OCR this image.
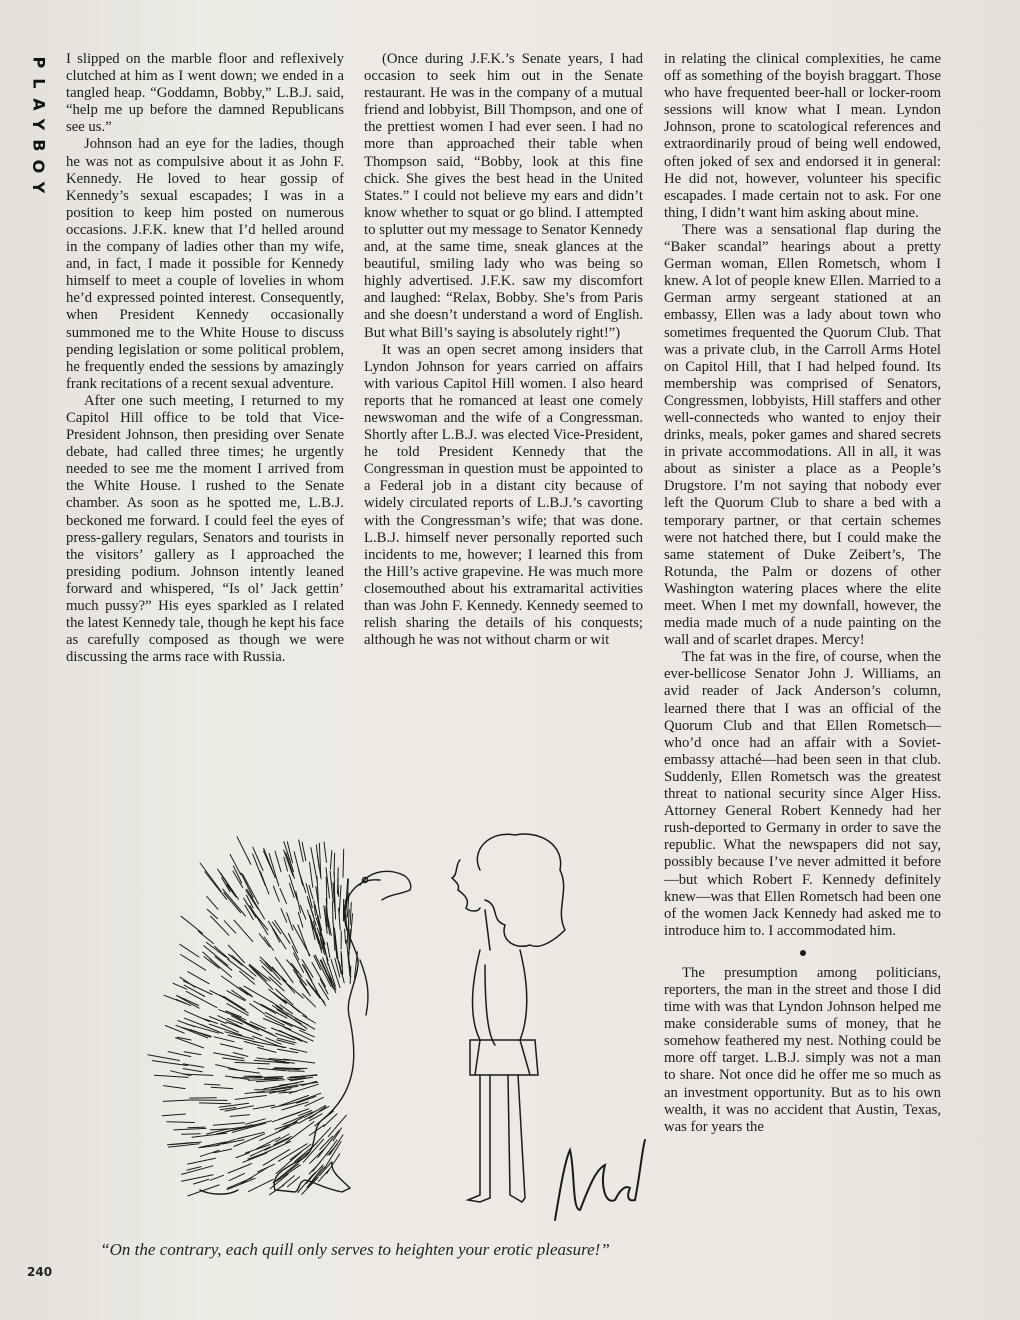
P
L
A
Y
B
O
Y

I slipped on the marble floor and reflexively clutched at him as I went down; we ended in a tangled heap. “Goddamn, Bobby,” L.B.J. said, “help me up before the damned Republicans see us.”

Johnson had an eye for the ladies, though he was not as compulsive about it as John F. Kennedy. He loved to hear gossip of Kennedy’s sexual escapades; I was in a position to keep him posted on numerous occasions. J.F.K. knew that I’d helled around in the company of ladies other than my wife, and, in fact, I made it possible for Kennedy himself to meet a couple of lovelies in whom he’d expressed pointed interest. Consequently, when President Kennedy occasionally summoned me to the White House to discuss pending legislation or some political problem, he frequently ended the sessions by amazingly frank recitations of a recent sexual adventure.

After one such meeting, I returned to my Capitol Hill office to be told that Vice-President Johnson, then presiding over Senate debate, had called three times; he urgently needed to see me the moment I arrived from the White House. I rushed to the Senate chamber. As soon as he spotted me, L.B.J. beckoned me forward. I could feel the eyes of press-gallery regulars, Senators and tourists in the visitors’ gallery as I approached the presiding podium. Johnson intently leaned forward and whispered, “Is ol’ Jack gettin’ much pussy?” His eyes sparkled as I related the latest Kennedy tale, though he kept his face as carefully composed as though we were discussing the arms race with Russia.

(Once during J.F.K.’s Senate years, I had occasion to seek him out in the Senate restaurant. He was in the company of a mutual friend and lobbyist, Bill Thompson, and one of the prettiest women I had ever seen. I had no more than approached their table when Thompson said, “Bobby, look at this fine chick. She gives the best head in the United States.” I could not believe my ears and didn’t know whether to squat or go blind. I attempted to splutter out my message to Senator Kennedy and, at the same time, sneak glances at the beautiful, smiling lady who was being so highly advertised. J.F.K. saw my discomfort and laughed: “Relax, Bobby. She’s from Paris and she doesn’t understand a word of English. But what Bill’s saying is absolutely right!”)

It was an open secret among insiders that Lyndon Johnson for years carried on affairs with various Capitol Hill women. I also heard reports that he romanced at least one comely newswoman and the wife of a Congressman. Shortly after L.B.J. was elected Vice-President, he told President Kennedy that the Congressman in question must be appointed to a Federal job in a distant city because of widely circulated reports of L.B.J.’s cavorting with the Congressman’s wife; that was done. L.B.J. himself never personally reported such incidents to me, however; I learned this from the Hill’s active grapevine. He was much more closemouthed about his extramarital activities than was John F. Kennedy. Kennedy seemed to relish sharing the details of his conquests; although he was not without charm or wit

in relating the clinical complexities, he came off as something of the boyish braggart. Those who have frequented beer-hall or locker-room sessions will know what I mean. Lyndon Johnson, prone to scatological references and extraordinarily proud of being well endowed, often joked of sex and endorsed it in general: He did not, however, volunteer his specific escapades. I made certain not to ask. For one thing, I didn’t want him asking about mine.

There was a sensational flap during the “Baker scandal” hearings about a pretty German woman, Ellen Rometsch, whom I knew. A lot of people knew Ellen. Married to a German army sergeant stationed at an embassy, Ellen was a lady about town who sometimes frequented the Quorum Club. That was a private club, in the Carroll Arms Hotel on Capitol Hill, that I had helped found. Its membership was comprised of Senators, Congressmen, lobbyists, Hill staffers and other well-connecteds who wanted to enjoy their drinks, meals, poker games and shared secrets in private accommodations. All in all, it was about as sinister a place as a People’s Drugstore. I’m not saying that nobody ever left the Quorum Club to share a bed with a temporary partner, or that certain schemes were not hatched there, but I could make the same statement of Duke Zeibert’s, The Rotunda, the Palm or dozens of other Washington watering places where the elite meet. When I met my downfall, however, the media made much of a nude painting on the wall and of scarlet drapes. Mercy!

The fat was in the fire, of course, when the ever-bellicose Senator John J. Williams, an avid reader of Jack Anderson’s column, learned there that I was an official of the Quorum Club and that Ellen Rometsch—who’d once had an affair with a Soviet-embassy attaché—had been seen in that club. Suddenly, Ellen Rometsch was the greatest threat to national security since Alger Hiss. Attorney General Robert Kennedy had her rush-deported to Germany in order to save the republic. What the newspapers did not say, possibly because I’ve never admitted it before—but which Robert F. Kennedy definitely knew—was that Ellen Rometsch had been one of the women Jack Kennedy had asked me to introduce him to. I accommodated him.

The presumption among politicians, reporters, the man in the street and those I did time with was that Lyndon Johnson helped me make considerable sums of money, that he somehow feathered my nest. Nothing could be more off target. L.B.J. simply was not a man to share. Not once did he offer me so much as an investment opportunity. But as to his own wealth, it was no accident that Austin, Texas, was for years the

“On the contrary, each quill only serves to heighten your erotic pleasure!”
240
